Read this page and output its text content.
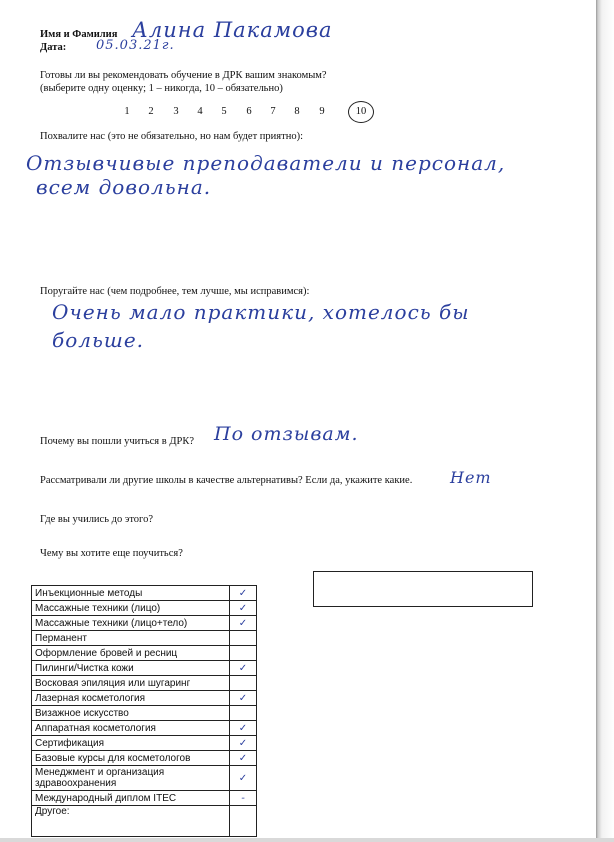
Имя и Фамилия Алина Пакамова
Дата: 05.03.21г.
Готовы ли вы рекомендовать обучение в ДРК вашим знакомым?
(выберите одну оценку; 1 – никогда, 10 – обязательно)
1	2	3	4	5	6	7	8	9	10
Похвалите нас (это не обязательно, но нам будет приятно):
Отзывчивые преподаватели и персонал,
всем довольна.
Поругайте нас (чем подробнее, тем лучше, мы исправимся):
Очень мало практики, хотелось бы
больше.
Почему вы пошли учиться в ДРК? По отзывам.
Рассматривали ли другие школы в качестве альтернативы? Если да, укажите какие. Нет
Где вы учились до этого?
Чему вы хотите еще поучиться?
Инъекционные методы	✓
Массажные техники (лицо)	✓
Массажные техники (лицо+тело)	✓
Перманент	
Оформление бровей и ресниц	
Пилинги/Чистка кожи	✓
Восковая эпиляция или шугаринг	
Лазерная косметология	✓
Визажное искусство	
Аппаратная косметология	✓
Сертификация	✓
Базовые курсы для косметологов	✓
Менеджмент и организация здравоохранения	✓
Международный диплом ITEC	-
Другое:	
